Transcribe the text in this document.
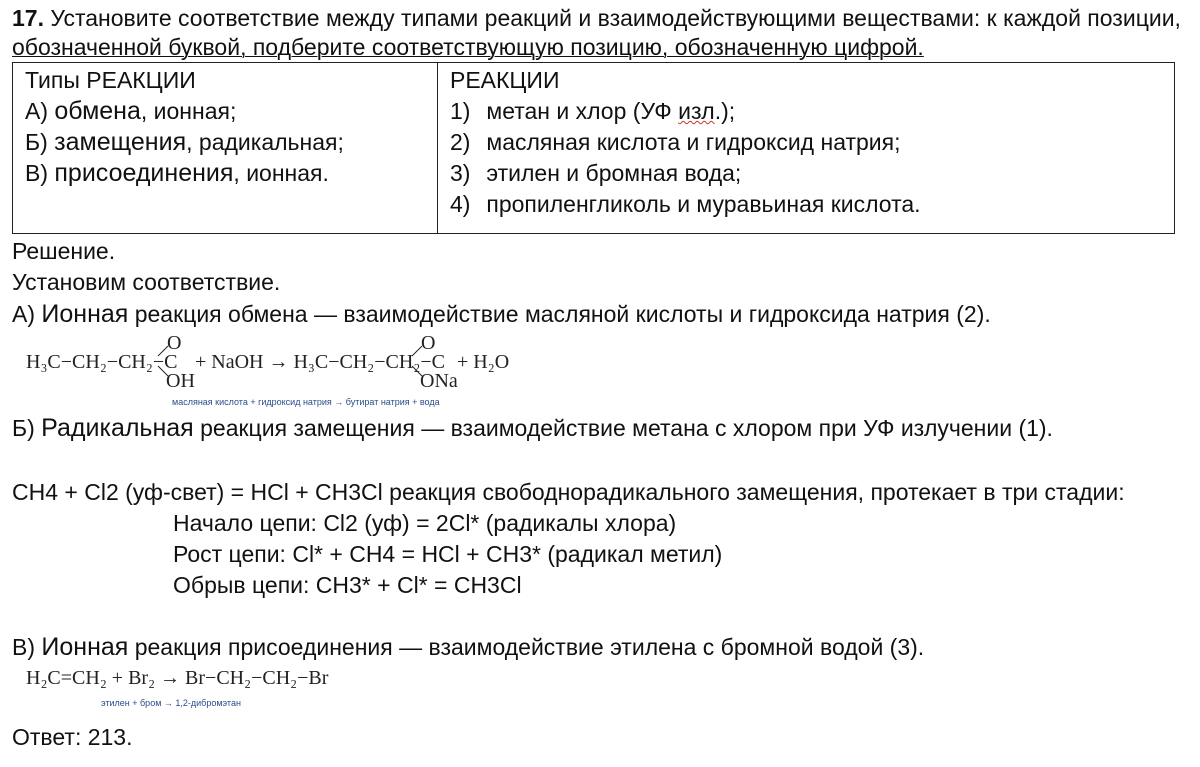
17. Установите соответствие между типами реакций и взаимодействующими веществами: к каждой позиции,
обозначенной буквой, подберите соответствующую позицию, обозначенную цифрой.
Типы РЕАКЦИИ
А) обмена, ионная;
Б) замещения, радикальная;
В) присоединения, ионная.

РЕАКЦИИ
1) метан и хлор (УФ изл.);
2) масляная кислота и гидроксид натрия;
3) этилен и бромная вода;
4) пропиленгликоль и муравьиная кислота.
Решение.
Установим соответствие.
А) Ионная реакция обмена — взаимодействие масляной кислоты и гидроксида натрия (2).
H₃C−CH₂−CH₂−C
O
OH
+ NaOH → H₃C−CH₂−CH₂−C
O
ONa
+ H₂O
масляная кислота + гидроксид натрия → бутират натрия + вода
Б) Радикальная реакция замещения — взаимодействие метана с хлором при УФ излучении (1).
CH4 + Cl2 (уф-свет) = HCl + CH3Cl реакция свободнорадикального замещения, протекает в три стадии:
Начало цепи: Cl2 (уф) = 2Cl* (радикалы хлора)
Рост цепи: Cl* + CH4 = HCl + CH3* (радикал метил)
Обрыв цепи: CH3* + Cl* = CH3Cl
В) Ионная реакция присоединения — взаимодействие этилена с бромной водой (3).
H₂C=CH₂ + Br₂ → Br−CH₂−CH₂−Br
этилен + бром → 1,2-дибромэтан
Ответ: 213.
